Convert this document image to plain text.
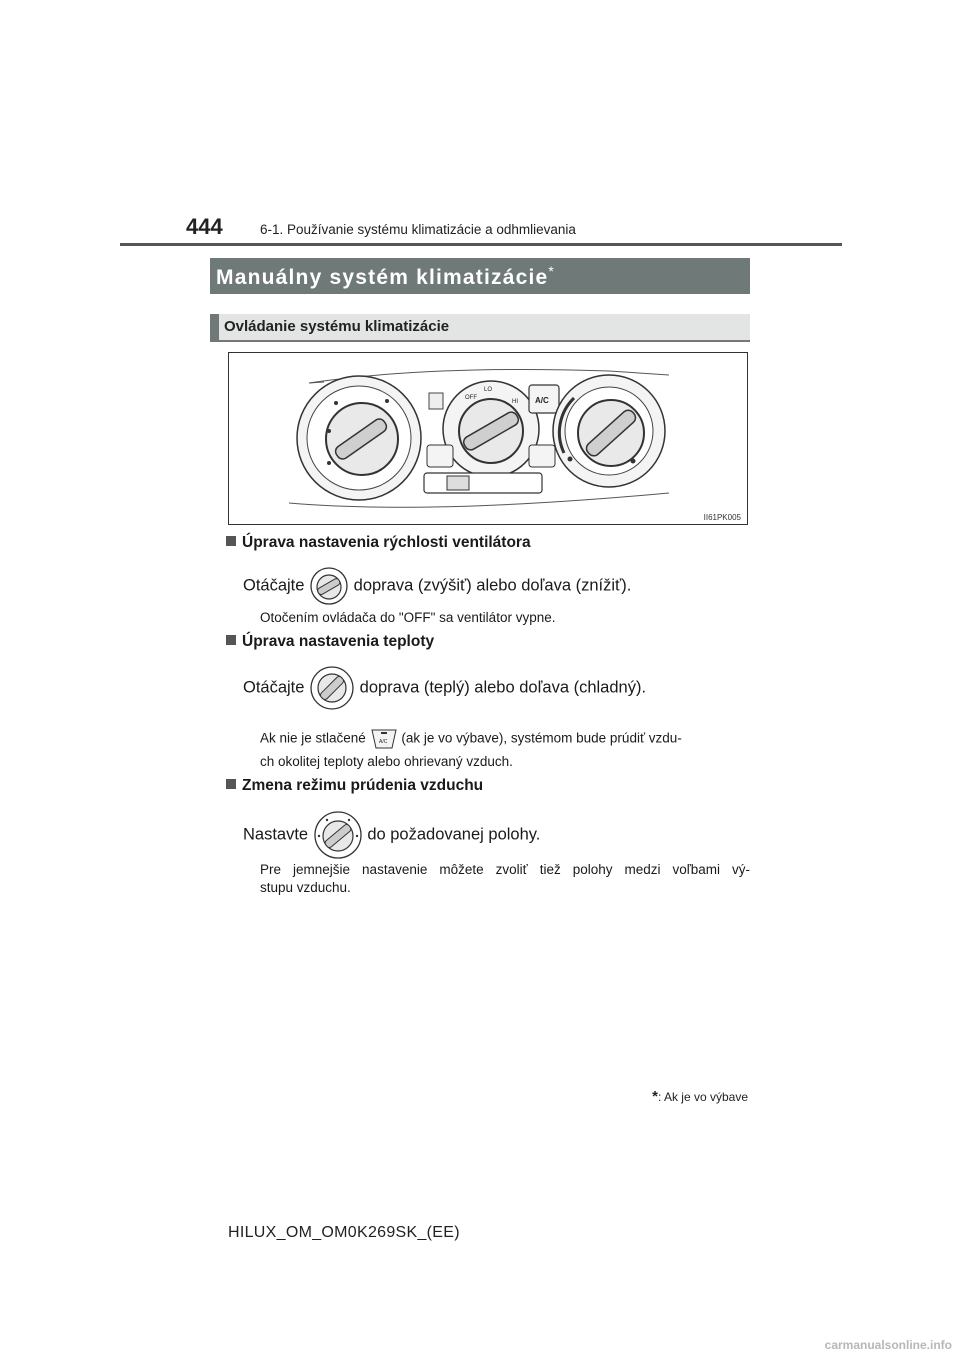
444	6-1. Používanie systému klimatizácie a odhmlievania
Manuálny systém klimatizácie*
Ovládanie systému klimatizácie
OFF
LO
HI A/C
II61PK005
Úprava nastavenia rýchlosti ventilátora
Otáčajte	doprava (zvýšiť) alebo doľava (znížiť).
Otočením ovládača do "OFF" sa ventilátor vypne.
Úprava nastavenia teploty
Otáčajte	doprava (teplý) alebo doľava (chladný).
Ak nie je stlačené	A/C (ak je vo výbave), systémom bude prúdiť vzdu-
ch okolitej teploty alebo ohrievaný vzduch.
Zmena režimu prúdenia vzduchu
Nastavte	do požadovanej polohy.
Pre jemnejšie nastavenie môžete zvoliť tiež polohy medzi voľbami vý-
stupu vzduchu.
*: Ak je vo výbave
HILUX_OM_OM0K269SK_(EE)
carmanualsonline.info
